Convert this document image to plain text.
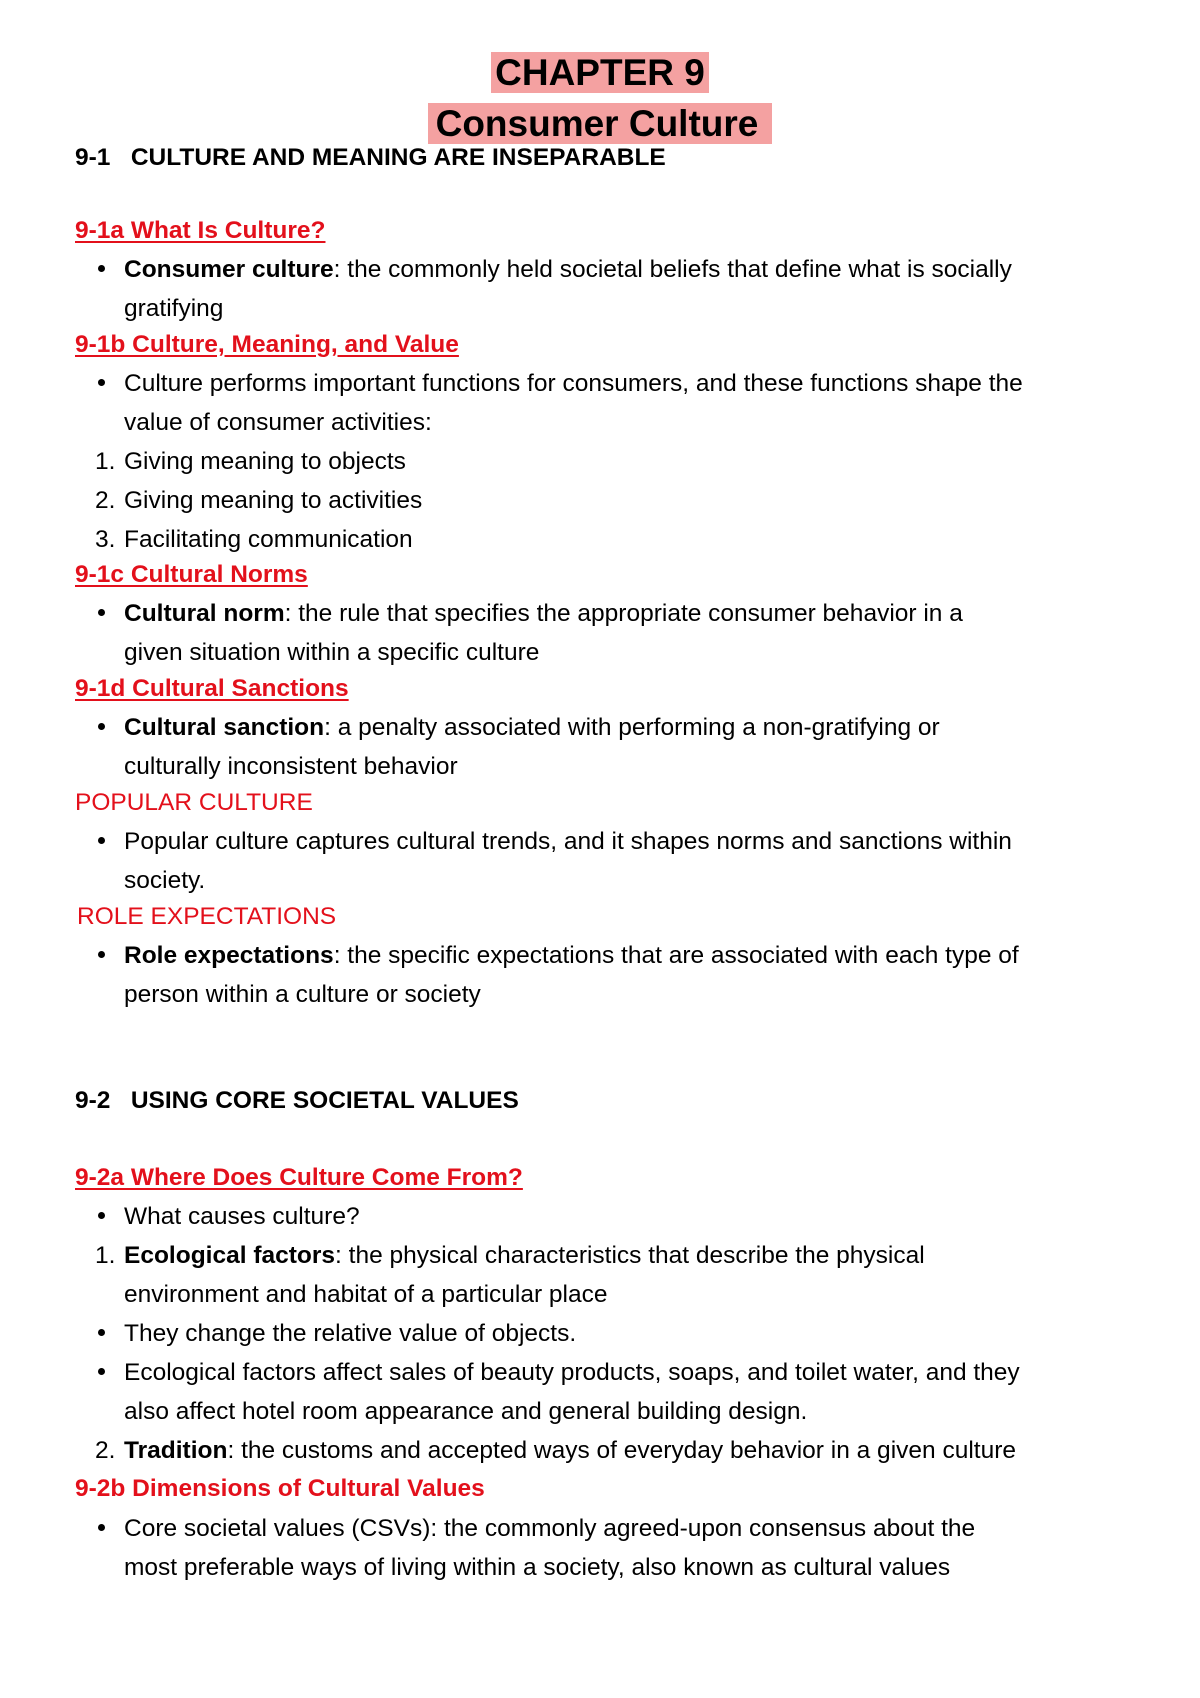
CHAPTER 9
Consumer Culture
9-1 CULTURE AND MEANING ARE INSEPARABLE
9-1a What Is Culture?
Consumer culture: the commonly held societal beliefs that define what is socially
gratifying
9-1b Culture, Meaning, and Value
Culture performs important functions for consumers, and these functions shape the
value of consumer activities:
1. Giving meaning to objects
2. Giving meaning to activities
3. Facilitating communication
9-1c Cultural Norms
Cultural norm: the rule that specifies the appropriate consumer behavior in a
given situation within a specific culture
9-1d Cultural Sanctions
Cultural sanction: a penalty associated with performing a non-gratifying or
culturally inconsistent behavior
POPULAR CULTURE
Popular culture captures cultural trends, and it shapes norms and sanctions within
society.
ROLE EXPECTATIONS
Role expectations: the specific expectations that are associated with each type of
person within a culture or society
9-2 USING CORE SOCIETAL VALUES
9-2a Where Does Culture Come From?
What causes culture?
1. Ecological factors: the physical characteristics that describe the physical
environment and habitat of a particular place
They change the relative value of objects.
Ecological factors affect sales of beauty products, soaps, and toilet water, and they
also affect hotel room appearance and general building design.
2. Tradition: the customs and accepted ways of everyday behavior in a given culture
9-2b Dimensions of Cultural Values
Core societal values (CSVs): the commonly agreed-upon consensus about the
most preferable ways of living within a society, also known as cultural values
